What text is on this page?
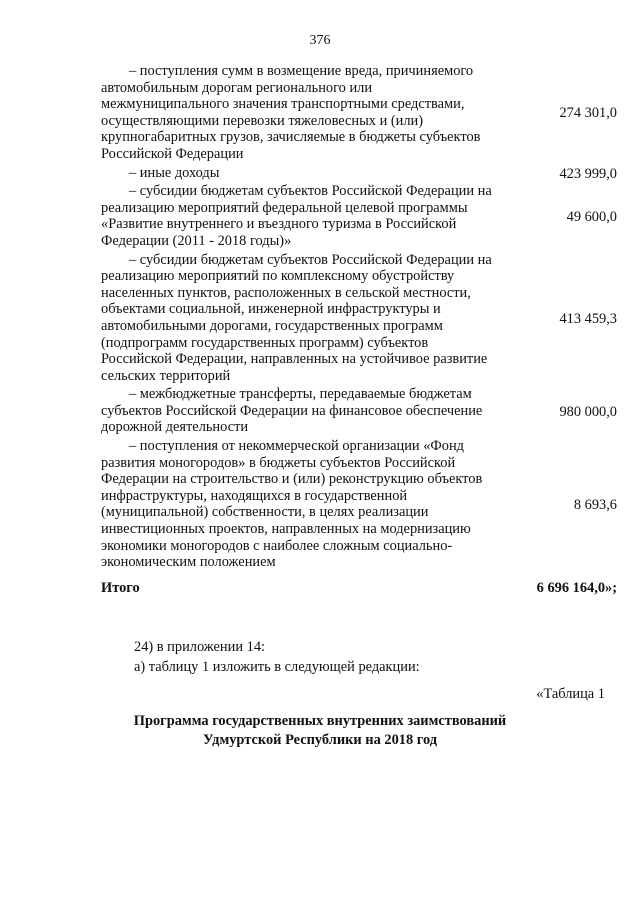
376
– поступления сумм в возмещение вреда, причиняемого автомобильным дорогам регионального или межмуниципального значения транспортными средствами, осуществляющими перевозки тяжеловесных и (или) крупногабаритных грузов, зачисляемые в бюджеты субъектов Российской Федерации	274 301,0

– иные доходы	423 999,0

– субсидии бюджетам субъектов Российской Федерации на реализацию мероприятий федеральной целевой программы «Развитие внутреннего и въездного туризма в Российской Федерации (2011 - 2018 годы)»	49 600,0

– субсидии бюджетам субъектов Российской Федерации на реализацию мероприятий по комплексному обустройству населенных пунктов, расположенных в сельской местности, объектами социальной, инженерной инфраструктуры и автомобильными дорогами, государственных программ (подпрограмм государственных программ) субъектов Российской Федерации, направленных на устойчивое развитие сельских территорий	413 459,3

– межбюджетные трансферты, передаваемые бюджетам субъектов Российской Федерации на финансовое обеспечение дорожной деятельности	980 000,0

– поступления от некоммерческой организации «Фонд развития моногородов» в бюджеты субъектов Российской Федерации на строительство и (или) реконструкцию объектов инфраструктуры, находящихся в государственной (муниципальной) собственности, в целях реализации инвестиционных проектов, направленных на модернизацию экономики моногородов с наиболее сложным социально-экономическим положением	8 693,6
Итого	6 696 164,0»;
24) в приложении 14:
а) таблицу 1 изложить в следующей редакции:
«Таблица 1
Программа государственных внутренних заимствований
Удмуртской Республики на 2018 год
